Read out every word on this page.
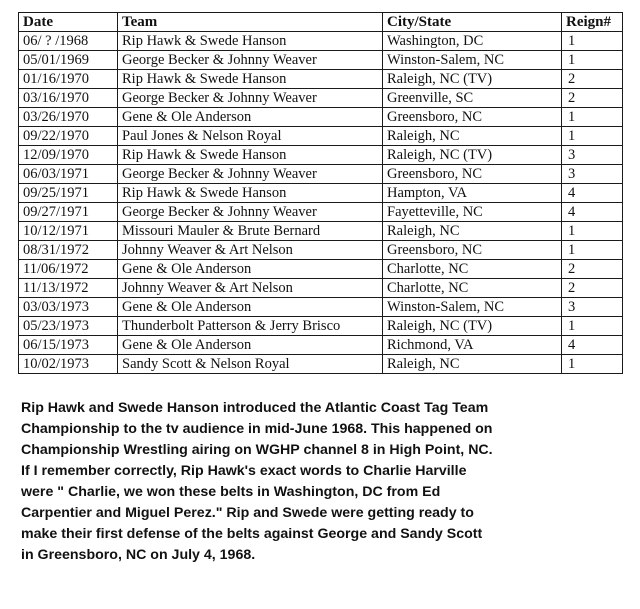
Date	Team	City/State	Reign#
06/ ? /1968	Rip Hawk & Swede Hanson	Washington, DC	1
05/01/1969	George Becker & Johnny Weaver	Winston-Salem, NC	1
01/16/1970	Rip Hawk & Swede Hanson	Raleigh, NC (TV)	2
03/16/1970	George Becker & Johnny Weaver	Greenville, SC	2
03/26/1970	Gene & Ole Anderson	Greensboro, NC	1
09/22/1970	Paul Jones & Nelson Royal	Raleigh, NC	1
12/09/1970	Rip Hawk & Swede Hanson	Raleigh, NC (TV)	3
06/03/1971	George Becker & Johnny Weaver	Greensboro, NC	3
09/25/1971	Rip Hawk & Swede Hanson	Hampton, VA	4
09/27/1971	George Becker & Johnny Weaver	Fayetteville, NC	4
10/12/1971	Missouri Mauler & Brute Bernard	Raleigh, NC	1
08/31/1972	Johnny Weaver & Art Nelson	Greensboro, NC	1
11/06/1972	Gene & Ole Anderson	Charlotte, NC	2
11/13/1972	Johnny Weaver & Art Nelson	Charlotte, NC	2
03/03/1973	Gene & Ole Anderson	Winston-Salem, NC	3
05/23/1973	Thunderbolt Patterson & Jerry Brisco	Raleigh, NC (TV)	1
06/15/1973	Gene & Ole Anderson	Richmond, VA	4
10/02/1973	Sandy Scott & Nelson Royal	Raleigh, NC	1
Rip Hawk and Swede Hanson introduced the Atlantic Coast Tag Team
Championship to the tv audience in mid-June 1968. This happened on
Championship Wrestling airing on WGHP channel 8 in High Point, NC.
If I remember correctly, Rip Hawk's exact words to Charlie Harville
were " Charlie, we won these belts in Washington, DC from Ed
Carpentier and Miguel Perez." Rip and Swede were getting ready to
make their first defense of the belts against George and Sandy Scott
in Greensboro, NC on July 4, 1968.
